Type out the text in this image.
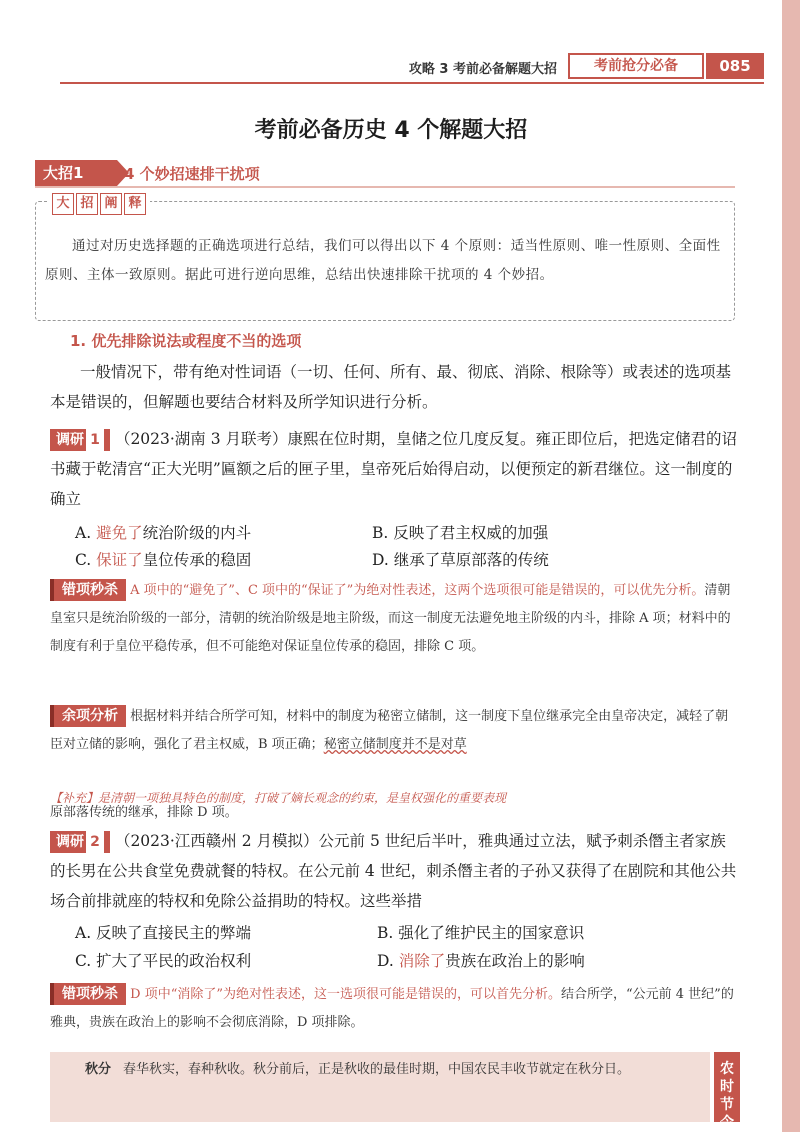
攻略 3 考前必备解题大招	考前抢分必备	085
考前必备历史 4 个解题大招
大招1	4 个妙招速排干扰项
大 招 阐 释
通过对历史选择题的正确选项进行总结，我们可以得出以下 4 个原则：适当性原则、唯一性原则、全面性原则、主体一致原则。据此可进行逆向思维，总结出快速排除干扰项的 4 个妙招。
1. 优先排除说法或程度不当的选项
一般情况下，带有绝对性词语（一切、任何、所有、最、彻底、消除、根除等）或表述的选项基本是错误的，但解题也要结合材料及所学知识进行分析。
调研 1 （2023·湖南 3 月联考）康熙在位时期，皇储之位几度反复。雍正即位后，把选定储君的诏书藏于乾清宫“正大光明”匾额之后的匣子里，皇帝死后始得启动，以便预定的新君继位。这一制度的确立
A. 避免了统治阶级的内斗	B. 反映了君主权威的加强
C. 保证了皇位传承的稳固	D. 继承了草原部落的传统
错项秒杀 A 项中的“避免了”、C 项中的“保证了”为绝对性表述，这两个选项很可能是错误的，可以优先分析。清朝皇室只是统治阶级的一部分，清朝的统治阶级是地主阶级，而这一制度无法避免地主阶级的内斗，排除 A 项；材料中的制度有利于皇位平稳传承，但不可能绝对保证皇位传承的稳固，排除 C 项。
余项分析 根据材料并结合所学可知，材料中的制度为秘密立储制，这一制度下皇位继承完全由皇帝决定，减轻了朝臣对立储的影响，强化了君主权威，B 项正确；秘密立储制度并不是对草
【补充】是清朝一项独具特色的制度，打破了嫡长观念的约束，是皇权强化的重要表现
原部落传统的继承，排除 D 项。
调研 2 （2023·江西赣州 2 月模拟）公元前 5 世纪后半叶，雅典通过立法，赋予刺杀僭主者家族的长男在公共食堂免费就餐的特权。在公元前 4 世纪，刺杀僭主者的子孙又获得了在剧院和其他公共场合前排就座的特权和免除公益捐助的特权。这些举措
A. 反映了直接民主的弊端	B. 强化了维护民主的国家意识
C. 扩大了平民的政治权利	D. 消除了贵族在政治上的影响
错项秒杀 D 项中“消除了”为绝对性表述，这一选项很可能是错误的，可以首先分析。结合所学，“公元前 4 世纪”的雅典，贵族在政治上的影响不会彻底消除，D 项排除。
秋分 春华秋实，春种秋收。秋分前后，正是秋收的最佳时期，中国农民丰收节就定在秋分日。	农时节令
